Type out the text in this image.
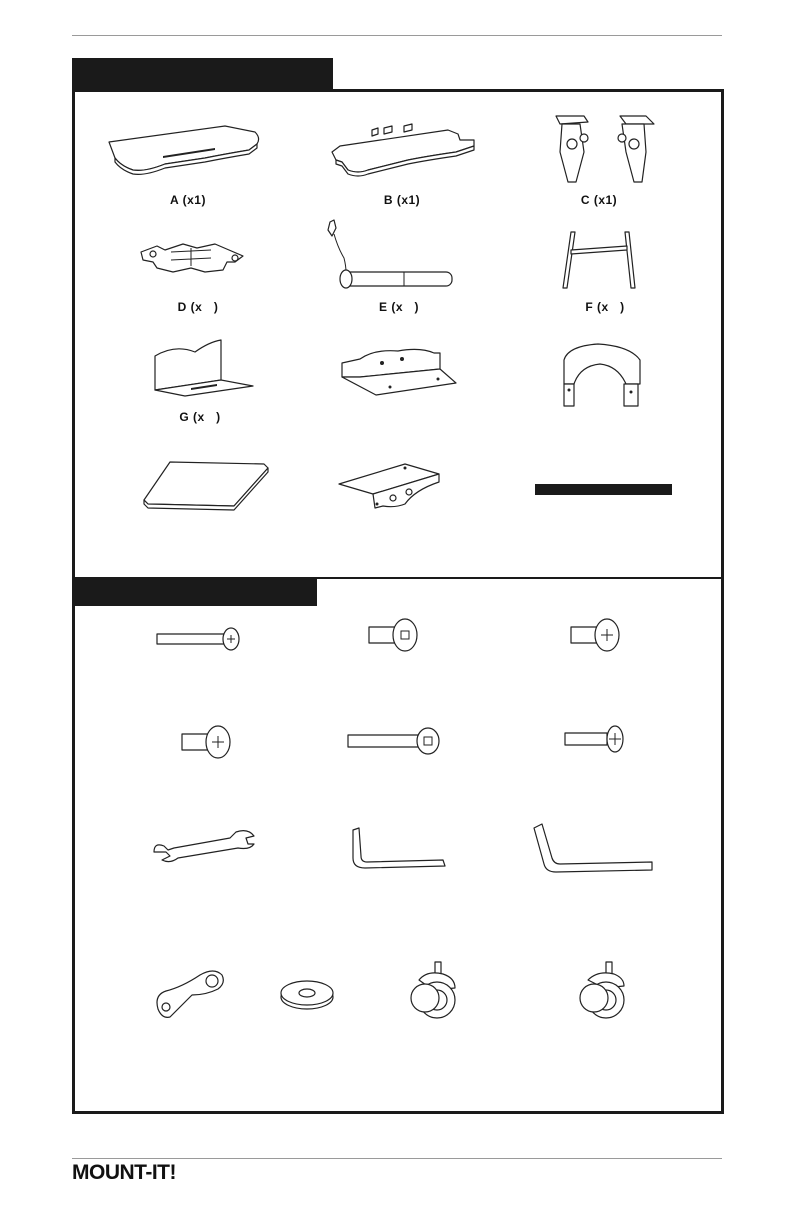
A (x1)	B (x1)	C (x1)
D (x   )	E (x   )	F (x   )
G (x   )
MOUNT-IT!
